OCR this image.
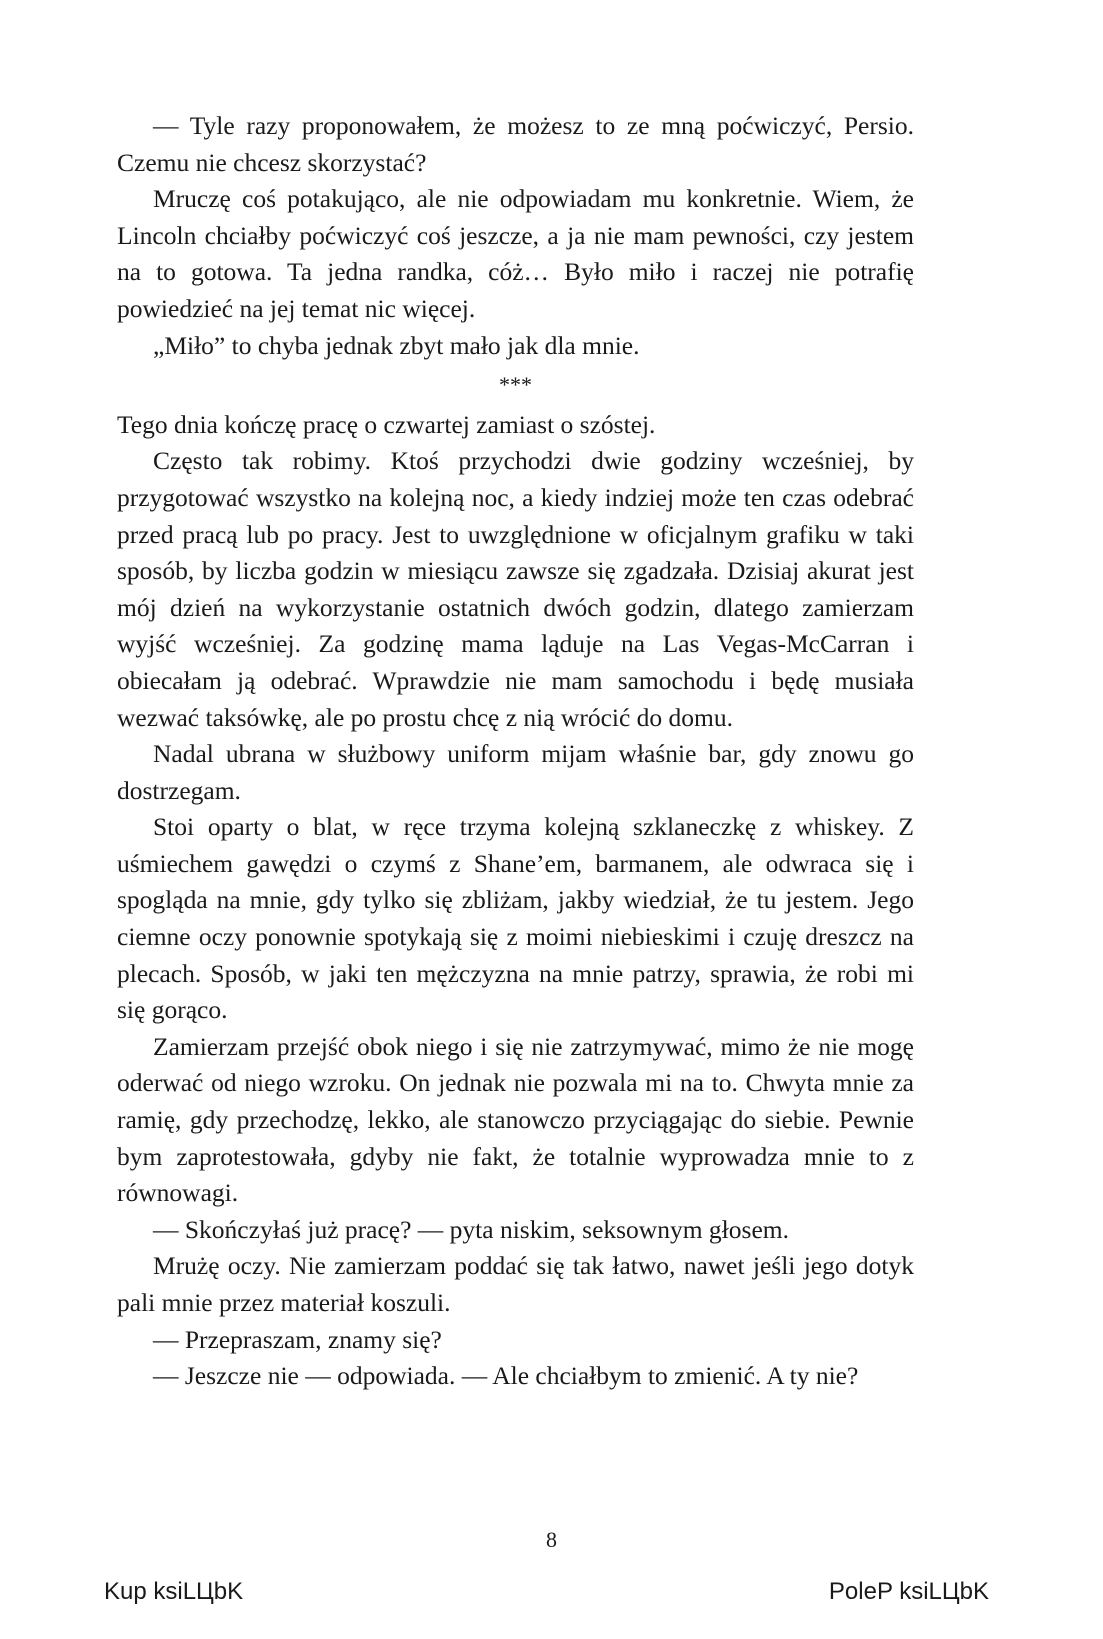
— Tyle razy proponowałem, że możesz to ze mną poćwiczyć, Persio. Czemu nie chcesz skorzystać?

Mruczę coś potakująco, ale nie odpowiadam mu konkretnie. Wiem, że Lincoln chciałby poćwiczyć coś jeszcze, a ja nie mam pewności, czy jestem na to gotowa. Ta jedna randka, cóż… Było miło i raczej nie potrafię powiedzieć na jej temat nic więcej.

„Miło” to chyba jednak zbyt mało jak dla mnie.

***

Tego dnia kończę pracę o czwartej zamiast o szóstej.

Często tak robimy. Ktoś przychodzi dwie godziny wcześniej, by przygotować wszystko na kolejną noc, a kiedy indziej może ten czas odebrać przed pracą lub po pracy. Jest to uwzględnione w oficjalnym grafiku w taki sposób, by liczba godzin w miesiącu zawsze się zgadzała. Dzisiaj akurat jest mój dzień na wykorzystanie ostatnich dwóch godzin, dlatego zamierzam wyjść wcześniej. Za godzinę mama ląduje na Las Vegas-McCarran i obiecałam ją odebrać. Wprawdzie nie mam samochodu i będę musiała wezwać taksówkę, ale po prostu chcę z nią wrócić do domu.

Nadal ubrana w służbowy uniform mijam właśnie bar, gdy znowu go dostrzegam.

Stoi oparty o blat, w ręce trzyma kolejną szklaneczkę z whiskey. Z uśmiechem gawędzi o czymś z Shane’em, barmanem, ale odwraca się i spogląda na mnie, gdy tylko się zbliżam, jakby wiedział, że tu jestem. Jego ciemne oczy ponownie spotykają się z moimi niebieskimi i czuję dreszcz na plecach. Sposób, w jaki ten mężczyzna na mnie patrzy, sprawia, że robi mi się gorąco.

Zamierzam przejść obok niego i się nie zatrzymywać, mimo że nie mogę oderwać od niego wzroku. On jednak nie pozwala mi na to. Chwyta mnie za ramię, gdy przechodzę, lekko, ale stanowczo przyciągając do siebie. Pewnie bym zaprotestowała, gdyby nie fakt, że totalnie wyprowadza mnie to z równowagi.

— Skończyłaś już pracę? — pyta niskim, seksownym głosem.

Mrużę oczy. Nie zamierzam poddać się tak łatwo, nawet jeśli jego dotyk pali mnie przez materiał koszuli.

— Przepraszam, znamy się?

— Jeszcze nie — odpowiada. — Ale chciałbym to zmienić. A ty nie?

8
Kup ksiLЦbK	PoleP ksiLЦbK
